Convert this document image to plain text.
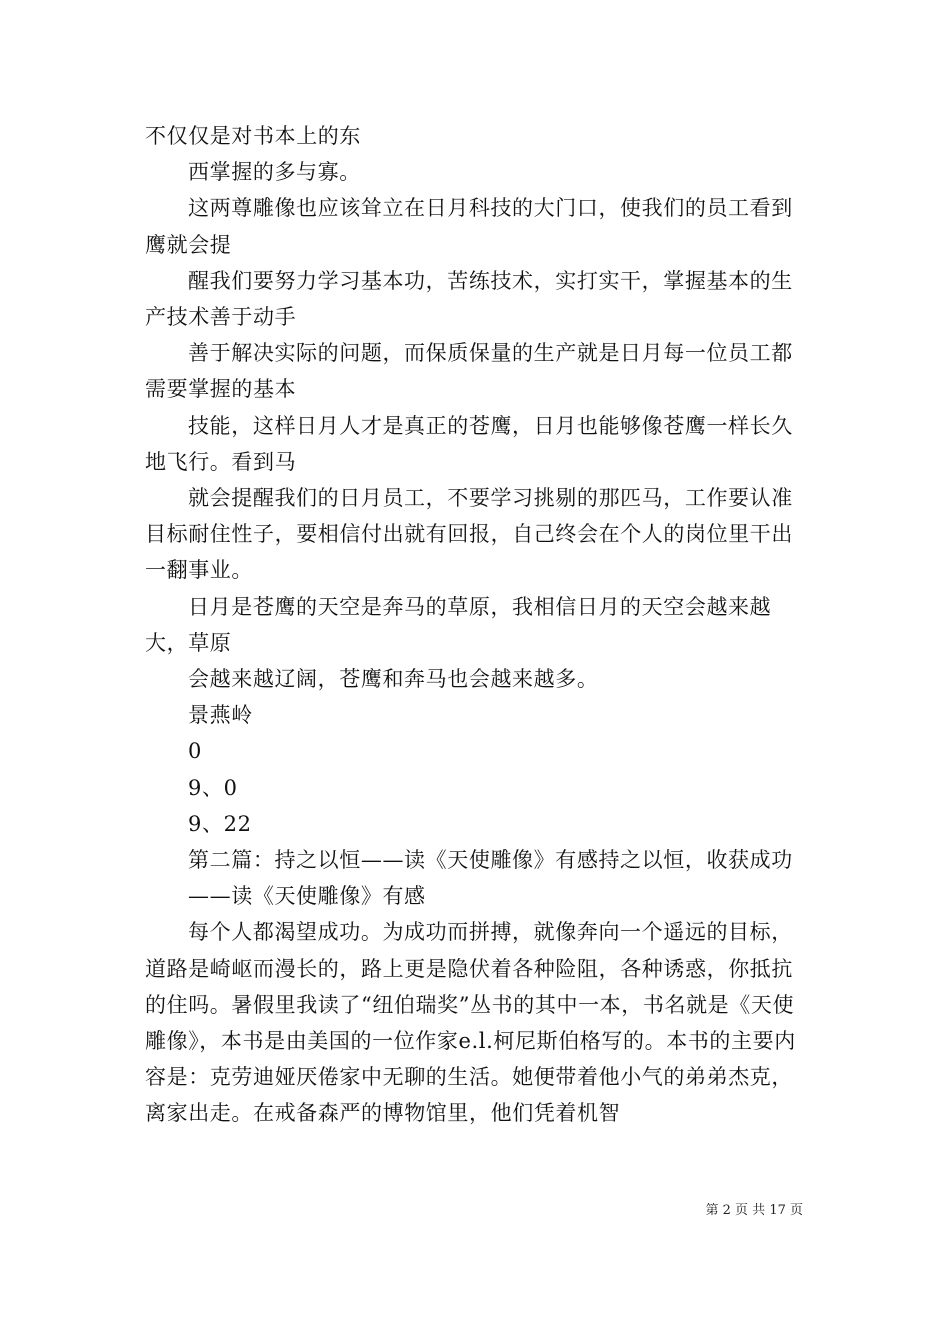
不仅仅是对书本上的东

西掌握的多与寡。

这两尊雕像也应该耸立在日月科技的大门口，使我们的员工看到鹰就会提

醒我们要努力学习基本功，苦练技术，实打实干，掌握基本的生产技术善于动手

善于解决实际的问题，而保质保量的生产就是日月每一位员工都需要掌握的基本

技能，这样日月人才是真正的苍鹰，日月也能够像苍鹰一样长久地飞行。看到马

就会提醒我们的日月员工，不要学习挑剔的那匹马，工作要认准目标耐住性子，要相信付出就有回报，自己终会在个人的岗位里干出一翻事业。

日月是苍鹰的天空是奔马的草原，我相信日月的天空会越来越大，草原

会越来越辽阔，苍鹰和奔马也会越来越多。

景燕岭

0

9、0

9、22

第二篇：持之以恒——读《天使雕像》有感持之以恒，收获成功

——读《天使雕像》有感

每个人都渴望成功。为成功而拼搏，就像奔向一个遥远的目标，道路是崎岖而漫长的，路上更是隐伏着各种险阻，各种诱惑，你抵抗的住吗。暑假里我读了“纽伯瑞奖”丛书的其中一本，书名就是《天使雕像》，本书是由美国的一位作家e.l.柯尼斯伯格写的。本书的主要内容是：克劳迪娅厌倦家中无聊的生活。她便带着他小气的弟弟杰克，离家出走。在戒备森严的博物馆里，他们凭着机智

第 2 页 共 17 页
